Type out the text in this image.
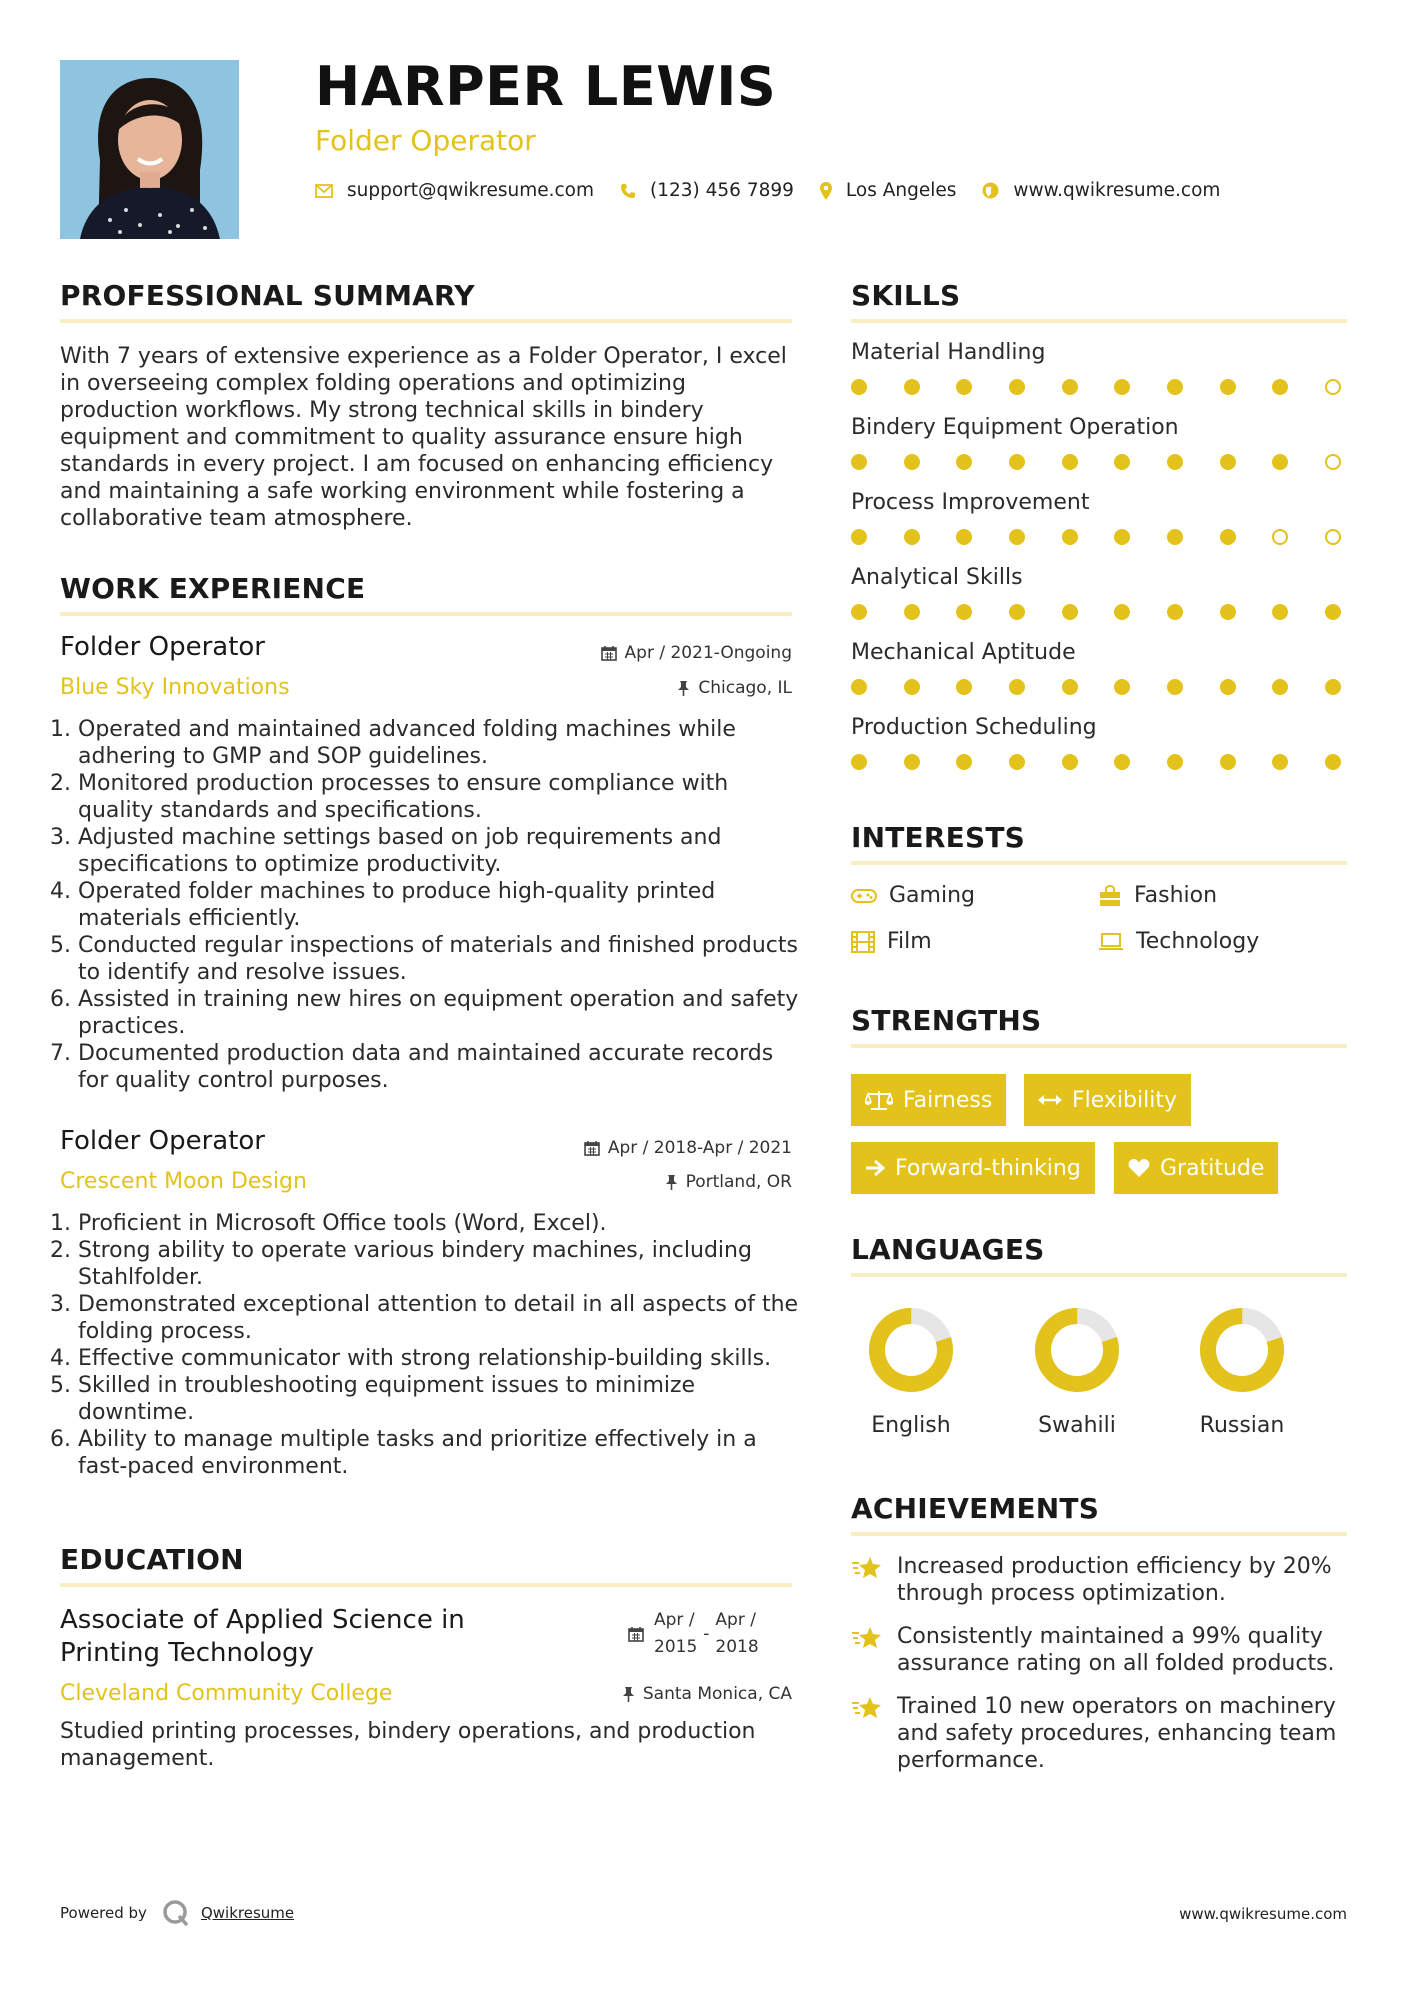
HARPER LEWIS
Folder Operator
support@qwikresume.com	(123) 456 7899	Los Angeles	www.qwikresume.com
PROFESSIONAL SUMMARY
With 7 years of extensive experience as a Folder Operator, I excel in overseeing complex folding operations and optimizing production workflows. My strong technical skills in bindery equipment and commitment to quality assurance ensure high standards in every project. I am focused on enhancing efficiency and maintaining a safe working environment while fostering a collaborative team atmosphere.
WORK EXPERIENCE
Folder Operator	Apr / 2021-Ongoing
Blue Sky Innovations	Chicago, IL
1. Operated and maintained advanced folding machines while adhering to GMP and SOP guidelines.
2. Monitored production processes to ensure compliance with quality standards and specifications.
3. Adjusted machine settings based on job requirements and specifications to optimize productivity.
4. Operated folder machines to produce high-quality printed materials efficiently.
5. Conducted regular inspections of materials and finished products to identify and resolve issues.
6. Assisted in training new hires on equipment operation and safety practices.
7. Documented production data and maintained accurate records for quality control purposes.
Folder Operator	Apr / 2018-Apr / 2021
Crescent Moon Design	Portland, OR
1. Proficient in Microsoft Office tools (Word, Excel).
2. Strong ability to operate various bindery machines, including Stahlfolder.
3. Demonstrated exceptional attention to detail in all aspects of the folding process.
4. Effective communicator with strong relationship-building skills.
5. Skilled in troubleshooting equipment issues to minimize downtime.
6. Ability to manage multiple tasks and prioritize effectively in a fast-paced environment.
EDUCATION
Associate of Applied Science in
Printing Technology
Apr /
2015
-
Apr /
2018
Cleveland Community College	Santa Monica, CA
Studied printing processes, bindery operations, and production management.
SKILLS
Material Handling
Bindery Equipment Operation
Process Improvement
Analytical Skills
Mechanical Aptitude
Production Scheduling
INTERESTS
Gaming	Fashion
Film	Technology
STRENGTHS
Fairness	Flexibility
Forward-thinking	Gratitude
LANGUAGES
English	Swahili	Russian
ACHIEVEMENTS
Increased production efficiency by 20% through process optimization.
Consistently maintained a 99% quality assurance rating on all folded products.
Trained 10 new operators on machinery and safety procedures, enhancing team performance.
Powered by	Qwikresume	www.qwikresume.com
